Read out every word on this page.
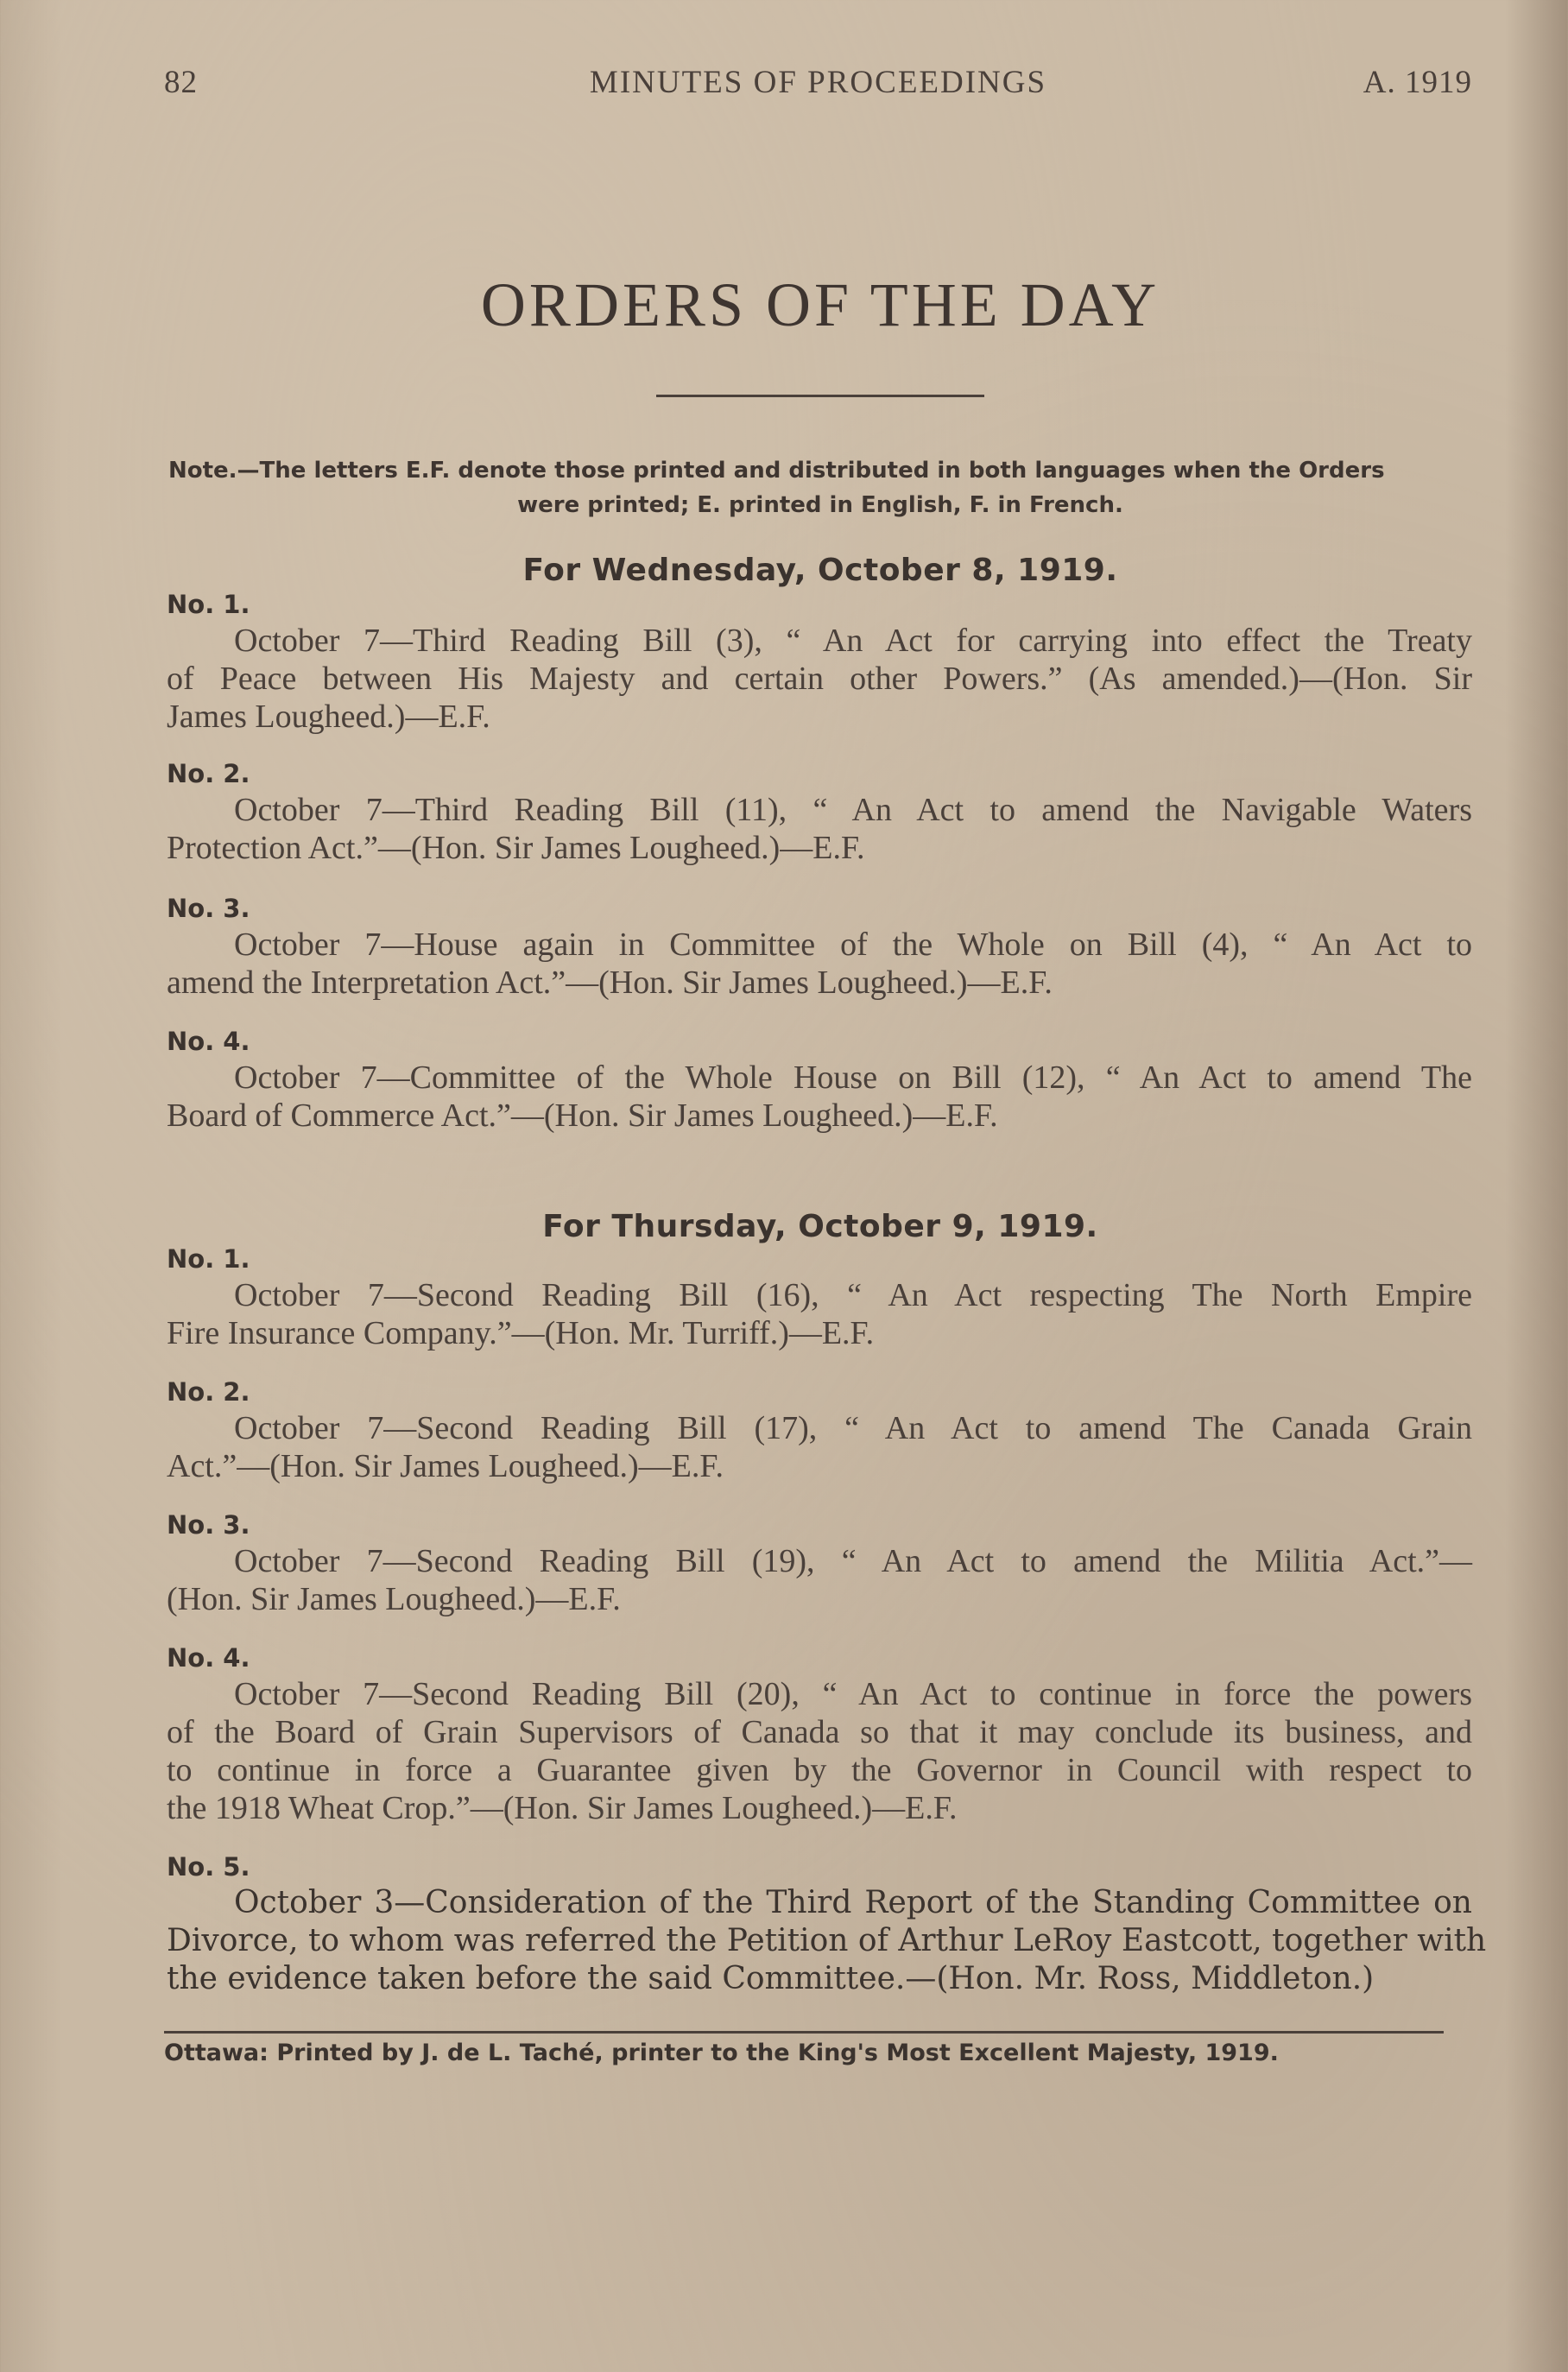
82	MINUTES OF PROCEEDINGS	A. 1919
ORDERS OF THE DAY
Note.—The letters E.F. denote those printed and distributed in both languages when the Orders
were printed; E. printed in English, F. in French.
For Wednesday, October 8, 1919.
No. 1.
October 7—Third Reading Bill (3), “ An Act for carrying into effect the Treaty
of Peace between His Majesty and certain other Powers.” (As amended.)—(Hon. Sir
James Lougheed.)—E.F.
No. 2.
October 7—Third Reading Bill (11), “ An Act to amend the Navigable Waters
Protection Act.”—(Hon. Sir James Lougheed.)—E.F.
No. 3.
October 7—House again in Committee of the Whole on Bill (4), “ An Act to
amend the Interpretation Act.”—(Hon. Sir James Lougheed.)—E.F.
No. 4.
October 7—Committee of the Whole House on Bill (12), “ An Act to amend The
Board of Commerce Act.”—(Hon. Sir James Lougheed.)—E.F.
For Thursday, October 9, 1919.
No. 1.
October 7—Second Reading Bill (16), “ An Act respecting The North Empire
Fire Insurance Company.”—(Hon. Mr. Turriff.)—E.F.
No. 2.
October 7—Second Reading Bill (17), “ An Act to amend The Canada Grain
Act.”—(Hon. Sir James Lougheed.)—E.F.
No. 3.
October 7—Second Reading Bill (19), “ An Act to amend the Militia Act.”—
(Hon. Sir James Lougheed.)—E.F.
No. 4.
October 7—Second Reading Bill (20), “ An Act to continue in force the powers
of the Board of Grain Supervisors of Canada so that it may conclude its business, and
to continue in force a Guarantee given by the Governor in Council with respect to
the 1918 Wheat Crop.”—(Hon. Sir James Lougheed.)—E.F.
No. 5.
October 3—Consideration of the Third Report of the Standing Committee on
Divorce, to whom was referred the Petition of Arthur LeRoy Eastcott, together with
the evidence taken before the said Committee.—(Hon. Mr. Ross, Middleton.)
Ottawa: Printed by J. de L. Taché, printer to the King's Most Excellent Majesty, 1919.
